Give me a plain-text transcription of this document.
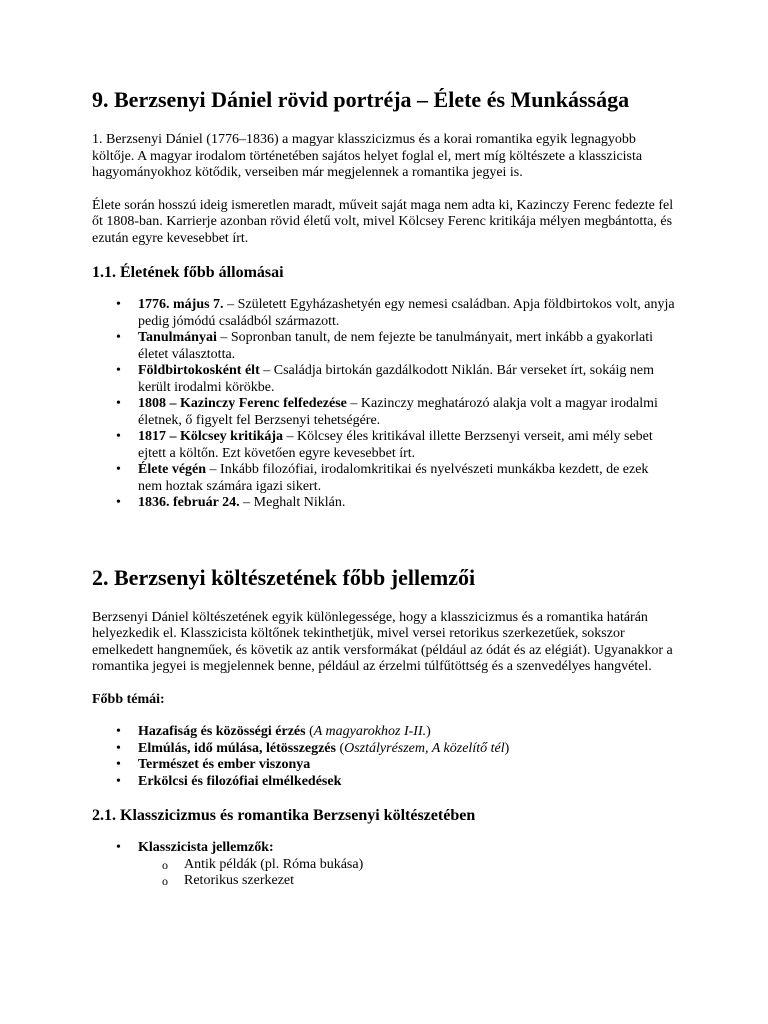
9. Berzsenyi Dániel rövid portréja – Élete és Munkássága

1. Berzsenyi Dániel (1776–1836) a magyar klasszicizmus és a korai romantika egyik legnagyobb költője. A magyar irodalom történetében sajátos helyet foglal el, mert míg költészete a klasszicista hagyományokhoz kötődik, verseiben már megjelennek a romantika jegyei is.

Élete során hosszú ideig ismeretlen maradt, műveit saját maga nem adta ki, Kazinczy Ferenc fedezte fel őt 1808-ban. Karrierje azonban rövid életű volt, mivel Kölcsey Ferenc kritikája mélyen megbántotta, és ezután egyre kevesebbet írt.

1.1. Életének főbb állomásai
• 1776. május 7. – Született Egyházashetyén egy nemesi családban. Apja földbirtokos volt, anyja pedig jómódú családból származott.
• Tanulmányai – Sopronban tanult, de nem fejezte be tanulmányait, mert inkább a gyakorlati életet választotta.
• Földbirtokosként élt – Családja birtokán gazdálkodott Niklán. Bár verseket írt, sokáig nem került irodalmi körökbe.
• 1808 – Kazinczy Ferenc felfedezése – Kazinczy meghatározó alakja volt a magyar irodalmi életnek, ő figyelt fel Berzsenyi tehetségére.
• 1817 – Kölcsey kritikája – Kölcsey éles kritikával illette Berzsenyi verseit, ami mély sebet ejtett a költőn. Ezt követően egyre kevesebbet írt.
• Élete végén – Inkább filozófiai, irodalomkritikai és nyelvészeti munkákba kezdett, de ezek nem hoztak számára igazi sikert.
• 1836. február 24. – Meghalt Niklán.
2. Berzsenyi költészetének főbb jellemzői

Berzsenyi Dániel költészetének egyik különlegessége, hogy a klasszicizmus és a romantika határán helyezkedik el. Klasszicista költőnek tekinthetjük, mivel versei retorikus szerkezetűek, sokszor emelkedett hangneműek, és követik az antik versformákat (például az ódát és az elégiát). Ugyanakkor a romantika jegyei is megjelennek benne, például az érzelmi túlfűtöttség és a szenvedélyes hangvétel.

Főbb témái:
• Hazafiság és közösségi érzés (A magyarokhoz I-II.)
• Elmúlás, idő múlása, létösszegzés (Osztályrészem, A közelítő tél)
• Természet és ember viszonya
• Erkölcsi és filozófiai elmélkedések
2.1. Klasszicizmus és romantika Berzsenyi költészetében
• Klasszicista jellemzők:
o Antik példák (pl. Róma bukása)
o Retorikus szerkezet
